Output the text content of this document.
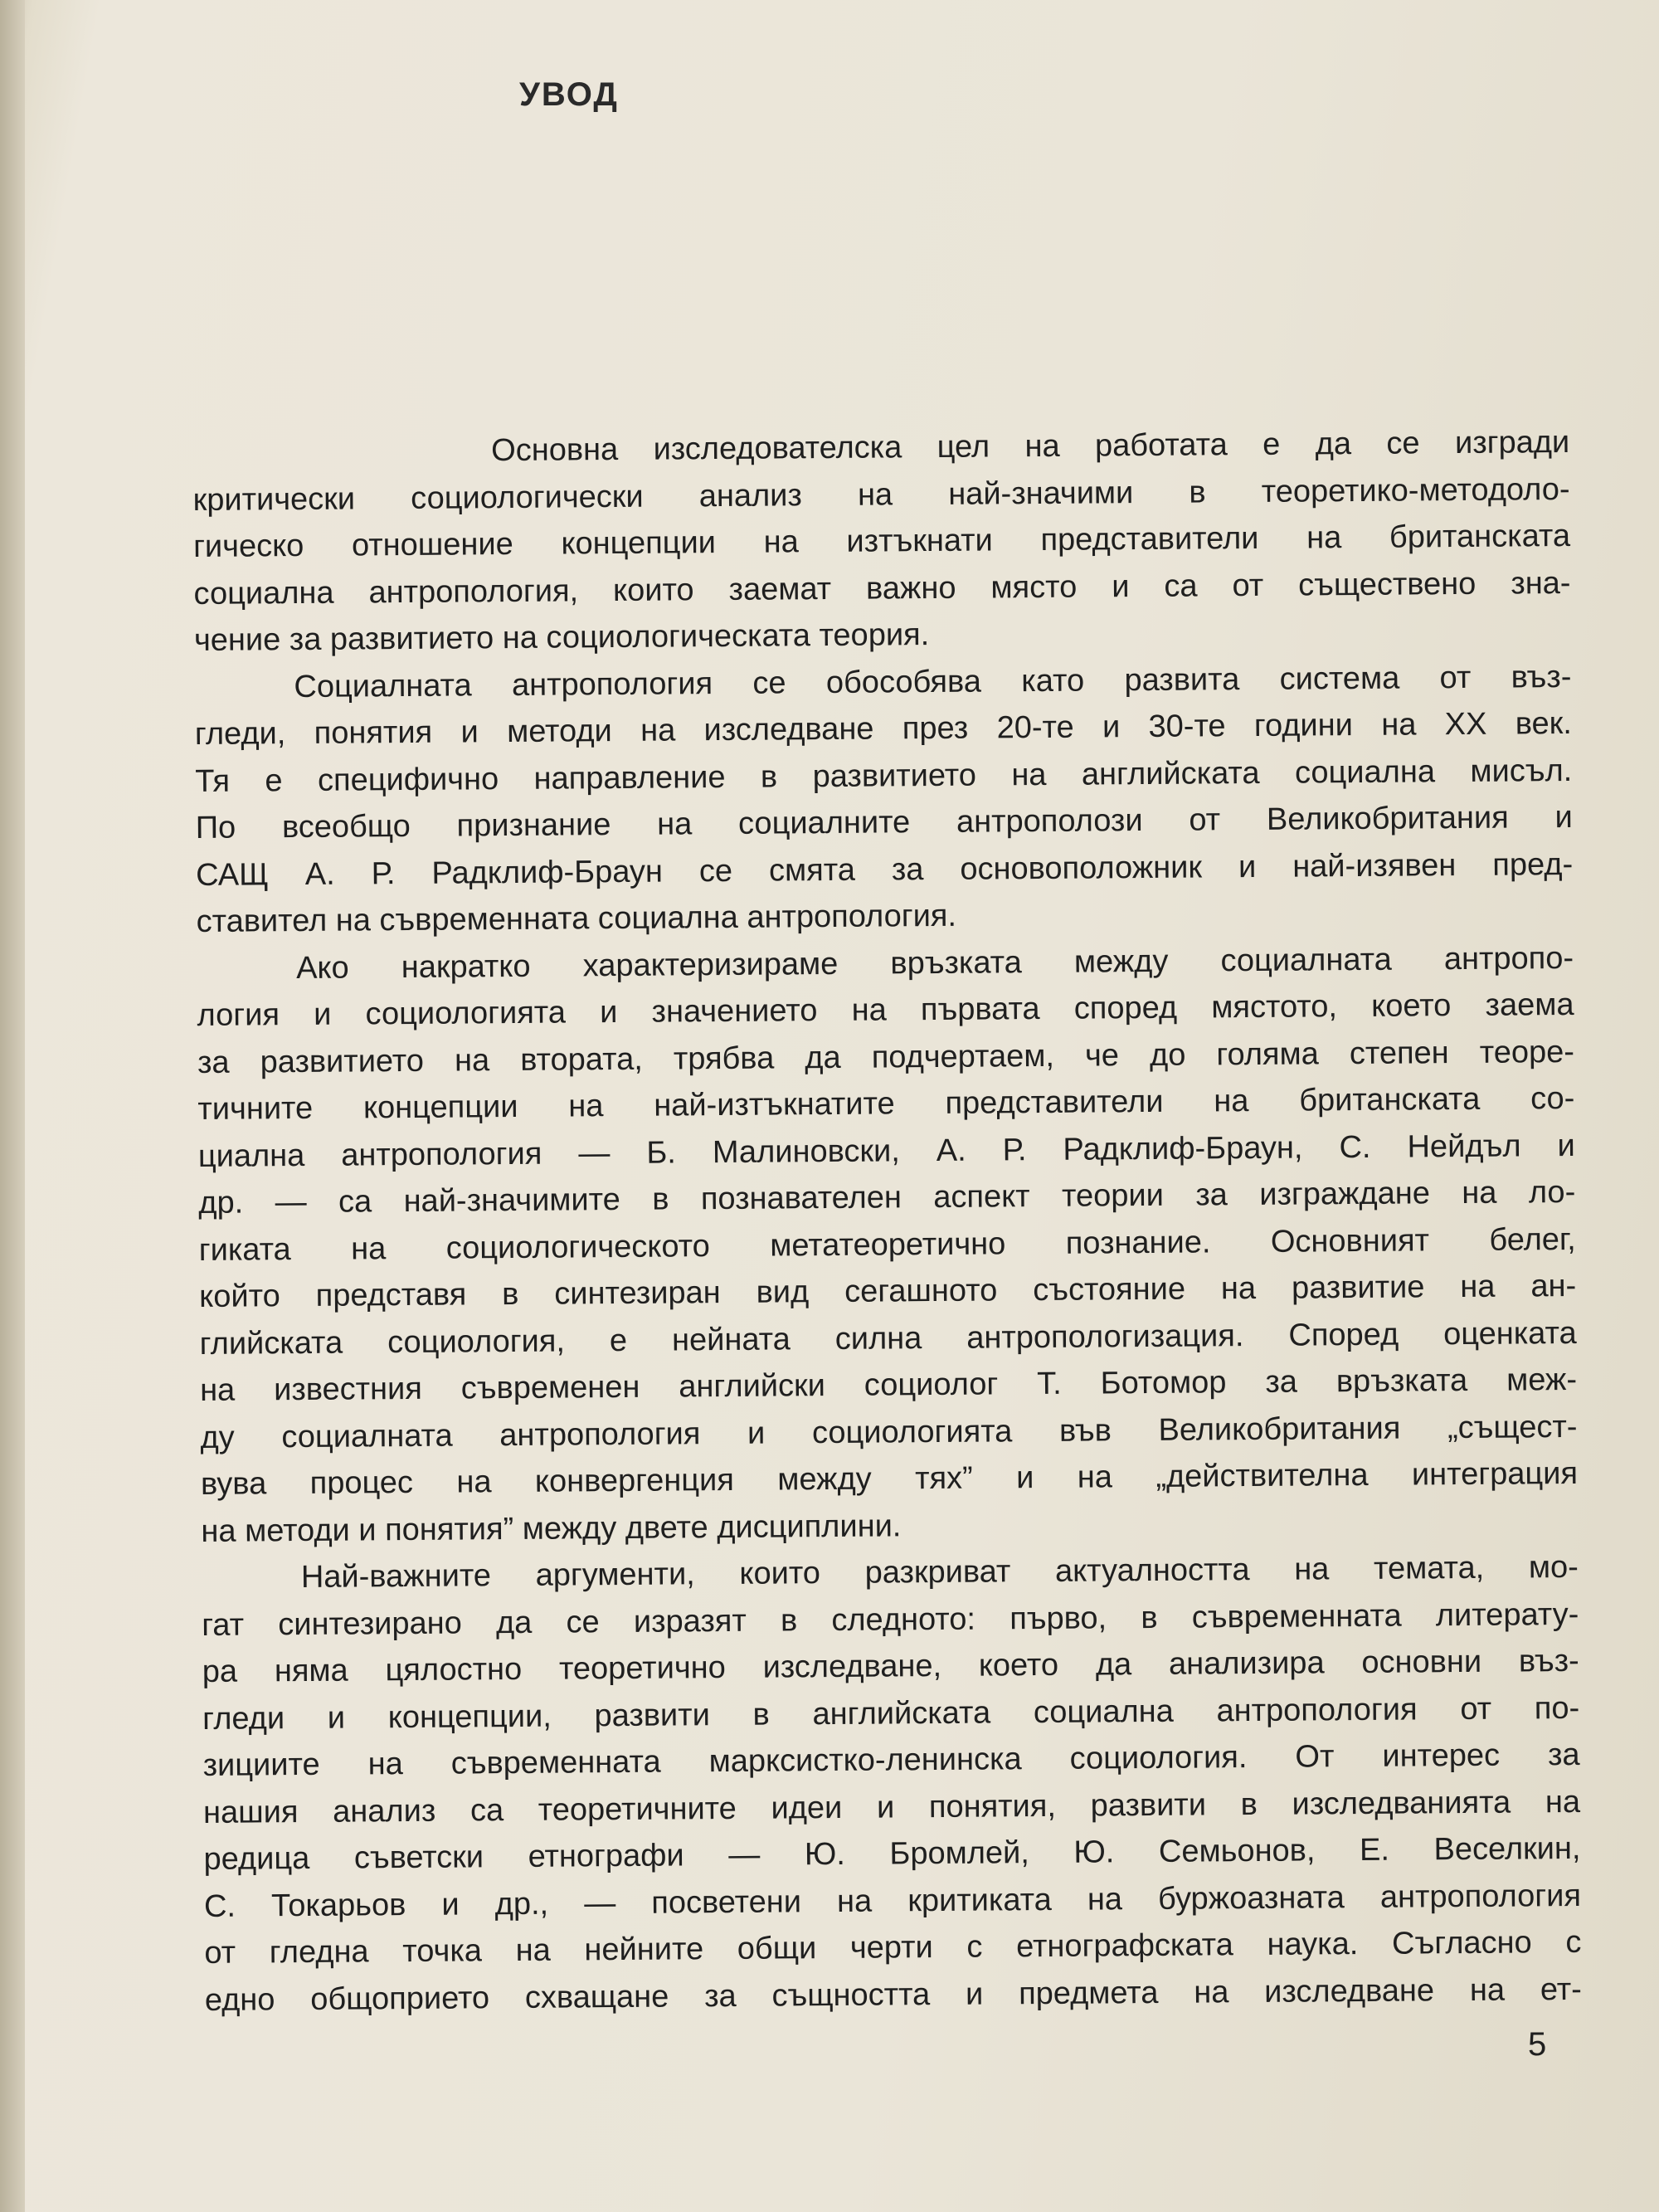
УВОД
Основна изследователска цел на работата е да се изгради
критически социологически анализ на най-значими в теоретико-методоло-
гическо отношение концепции на изтъкнати представители на британската
социална антропология, които заемат важно място и са от съществено зна-
чение за развитието на социологическата теория.
Социалната антропология се обособява като развита система от въз-
гледи, понятия и методи на изследване през 20-те и 30-те години на XX век.
Тя е специфично направление в развитието на английската социална мисъл.
По всеобщо признание на социалните антрополози от Великобритания и
САЩ А. Р. Радклиф-Браун се смята за основоположник и най-изявен пред-
ставител на съвременната социална антропология.
Ако накратко характеризираме връзката между социалната антропо-
логия и социологията и значението на първата според мястото, което заема
за развитието на втората, трябва да подчертаем, че до голяма степен теоре-
тичните концепции на най-изтъкнатите представители на британската со-
циална антропология — Б. Малиновски, А. Р. Радклиф-Браун, С. Нейдъл и
др. — са най-значимите в познавателен аспект теории за изграждане на ло-
гиката на социологическото метатеоретично познание. Основният белег,
който представя в синтезиран вид сегашното състояние на развитие на ан-
глийската социология, е нейната силна антропологизация. Според оценката
на известния съвременен английски социолог Т. Ботомор за връзката меж-
ду социалната антропология и социологията във Великобритания „същест-
вува процес на конвергенция между тях” и на „действителна интеграция
на методи и понятия” между двете дисциплини.
Най-важните аргументи, които разкриват актуалността на темата, мо-
гат синтезирано да се изразят в следното: първо, в съвременната литерату-
ра няма цялостно теоретично изследване, което да анализира основни въз-
гледи и концепции, развити в английската социална антропология от по-
зициите на съвременната марксистко-ленинска социология. От интерес за
нашия анализ са теоретичните идеи и понятия, развити в изследванията на
редица съветски етнографи — Ю. Бромлей, Ю. Семьонов, Е. Веселкин,
С. Токарьов и др., — посветени на критиката на буржоазната антропология
от гледна точка на нейните общи черти с етнографската наука. Съгласно с
едно общоприето схващане за същността и предмета на изследване на ет-
5
